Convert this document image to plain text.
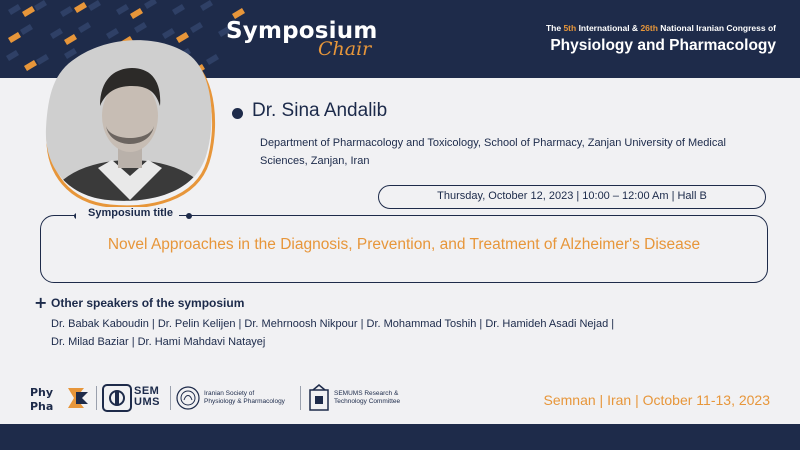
Symposium
Chair
The 5th International & 26th National Iranian Congress of
Physiology and Pharmacology
Dr. Sina Andalib
Department of Pharmacology and Toxicology, School of Pharmacy, Zanjan University of Medical Sciences, Zanjan, Iran
Thursday, October 12, 2023 | 10:00 – 12:00 Am | Hall B
Symposium title
Novel Approaches in the Diagnosis, Prevention, and Treatment of Alzheimer's Disease
+ Other speakers of the symposium
Dr. Babak Kaboudin | Dr. Pelin Kelijen | Dr. Mehrnoosh Nikpour | Dr. Mohammad Toshih | Dr. Hamideh Asadi Nejad |
Dr. Milad Baziar | Dr. Hami Mahdavi Natayej
Phy
Pha
SEM
UMS
Iranian Society of
Physiology & Pharmacology
SEMUMS Research &
Technology Committee	Semnan | Iran | October 11-13, 2023
